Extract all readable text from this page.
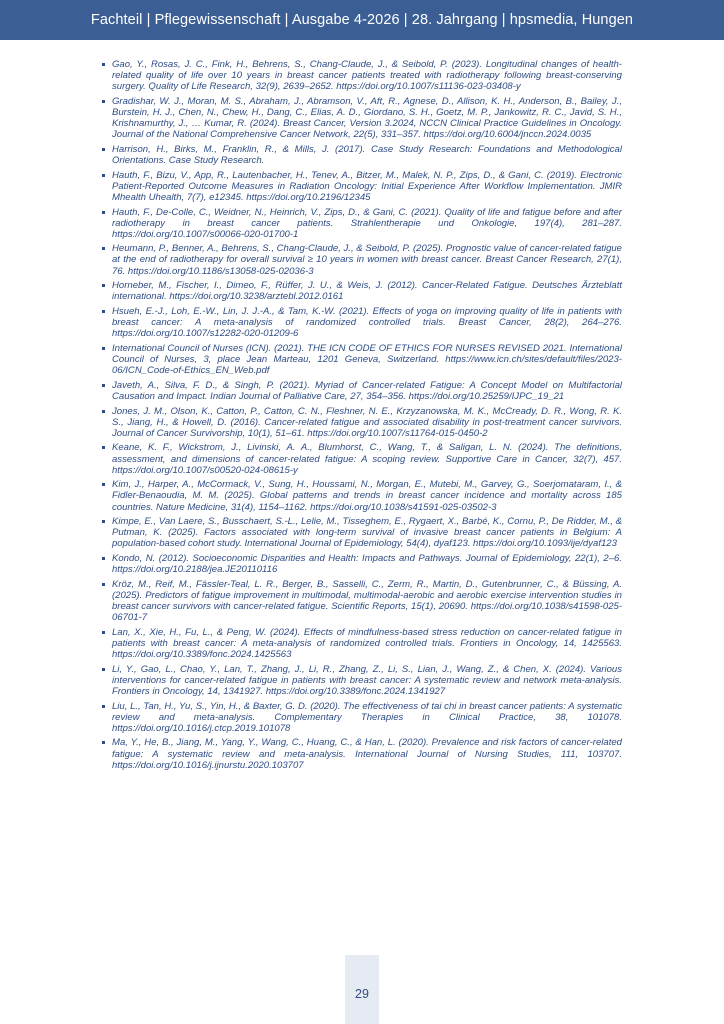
Fachteil | Pflegewissenschaft | Ausgabe 4-2026 | 28. Jahrgang | hpsmedia, Hungen
Gao, Y., Rosas, J. C., Fink, H., Behrens, S., Chang-Claude, J., & Seibold, P. (2023). Longitudinal changes of health-related quality of life over 10 years in breast cancer patients treated with radiotherapy following breast-conserving surgery. Quality of Life Research, 32(9), 2639–2652. https://doi.org/10.1007/s11136-023-03408-y
Gradishar, W. J., Moran, M. S., Abraham, J., Abramson, V., Aft, R., Agnese, D., Allison, K. H., Anderson, B., Bailey, J., Burstein, H. J., Chen, N., Chew, H., Dang, C., Elias, A. D., Giordano, S. H., Goetz, M. P., Jankowitz, R. C., Javid, S. H., Krishnamurthy, J., … Kumar, R. (2024). Breast Cancer, Version 3.2024, NCCN Clinical Practice Guidelines in Oncology. Journal of the National Comprehensive Cancer Network, 22(5), 331–357. https://doi.org/10.6004/jnccn.2024.0035
Harrison, H., Birks, M., Franklin, R., & Mills, J. (2017). Case Study Research: Foundations and Methodological Orientations. Case Study Research.
Hauth, F., Bizu, V., App, R., Lautenbacher, H., Tenev, A., Bitzer, M., Malek, N. P., Zips, D., & Gani, C. (2019). Electronic Patient-Reported Outcome Measures in Radiation Oncology: Initial Experience After Workflow Implementation. JMIR Mhealth Uhealth, 7(7), e12345. https://doi.org/10.2196/12345
Hauth, F., De-Colle, C., Weidner, N., Heinrich, V., Zips, D., & Gani, C. (2021). Quality of life and fatigue before and after radiotherapy in breast cancer patients. Strahlentherapie und Onkologie, 197(4), 281–287. https://doi.org/10.1007/s00066-020-01700-1
Heumann, P., Benner, A., Behrens, S., Chang-Claude, J., & Seibold, P. (2025). Prognostic value of cancer-related fatigue at the end of radiotherapy for overall survival ≥ 10 years in women with breast cancer. Breast Cancer Research, 27(1), 76. https://doi.org/10.1186/s13058-025-02036-3
Horneber, M., Fischer, I., Dimeo, F., Rüffer, J. U., & Weis, J. (2012). Cancer-Related Fatigue. Deutsches Ärzteblatt international. https://doi.org/10.3238/arztebl.2012.0161
Hsueh, E.-J., Loh, E.-W., Lin, J. J.-A., & Tam, K.-W. (2021). Effects of yoga on improving quality of life in patients with breast cancer: A meta-analysis of randomized controlled trials. Breast Cancer, 28(2), 264–276. https://doi.org/10.1007/s12282-020-01209-6
International Council of Nurses (ICN). (2021). THE ICN CODE OF ETHICS FOR NURSES REVISED 2021. International Council of Nurses, 3, place Jean Marteau, 1201 Geneva, Switzerland. https://www.icn.ch/sites/default/files/2023-06/ICN_Code-of-Ethics_EN_Web.pdf
Javeth, A., Silva, F. D., & Singh, P. (2021). Myriad of Cancer-related Fatigue: A Concept Model on Multifactorial Causation and Impact. Indian Journal of Palliative Care, 27, 354–356. https://doi.org/10.25259/IJPC_19_21
Jones, J. M., Olson, K., Catton, P., Catton, C. N., Fleshner, N. E., Krzyzanowska, M. K., McCready, D. R., Wong, R. K. S., Jiang, H., & Howell, D. (2016). Cancer-related fatigue and associated disability in post-treatment cancer survivors. Journal of Cancer Survivorship, 10(1), 51–61. https://doi.org/10.1007/s11764-015-0450-2
Keane, K. F., Wickstrom, J., Livinski, A. A., Blumhorst, C., Wang, T., & Saligan, L. N. (2024). The definitions, assessment, and dimensions of cancer-related fatigue: A scoping review. Supportive Care in Cancer, 32(7), 457. https://doi.org/10.1007/s00520-024-08615-y
Kim, J., Harper, A., McCormack, V., Sung, H., Houssami, N., Morgan, E., Mutebi, M., Garvey, G., Soerjomataram, I., & Fidler-Benaoudia, M. M. (2025). Global patterns and trends in breast cancer incidence and mortality across 185 countries. Nature Medicine, 31(4), 1154–1162. https://doi.org/10.1038/s41591-025-03502-3
Kimpe, E., Van Laere, S., Busschaert, S.-L., Lelie, M., Tisseghem, E., Rygaert, X., Barbé, K., Cornu, P., De Ridder, M., & Putman, K. (2025). Factors associated with long-term survival of invasive breast cancer patients in Belgium: A population-based cohort study. International Journal of Epidemiology, 54(4), dyaf123. https://doi.org/10.1093/ije/dyaf123
Kondo, N. (2012). Socioeconomic Disparities and Health: Impacts and Pathways. Journal of Epidemiology, 22(1), 2–6. https://doi.org/10.2188/jea.JE20110116
Kröz, M., Reif, M., Fässler-Teal, L. R., Berger, B., Sasselli, C., Zerm, R., Martin, D., Gutenbrunner, C., & Büssing, A. (2025). Predictors of fatigue improvement in multimodal, multimodal-aerobic and aerobic exercise intervention studies in breast cancer survivors with cancer-related fatigue. Scientific Reports, 15(1), 20690. https://doi.org/10.1038/s41598-025-06701-7
Lan, X., Xie, H., Fu, L., & Peng, W. (2024). Effects of mindfulness-based stress reduction on cancer-related fatigue in patients with breast cancer: A meta-analysis of randomized controlled trials. Frontiers in Oncology, 14, 1425563. https://doi.org/10.3389/fonc.2024.1425563
Li, Y., Gao, L., Chao, Y., Lan, T., Zhang, J., Li, R., Zhang, Z., Li, S., Lian, J., Wang, Z., & Chen, X. (2024). Various interventions for cancer-related fatigue in patients with breast cancer: A systematic review and network meta-analysis. Frontiers in Oncology, 14, 1341927. https://doi.org/10.3389/fonc.2024.1341927
Liu, L., Tan, H., Yu, S., Yin, H., & Baxter, G. D. (2020). The effectiveness of tai chi in breast cancer patients: A systematic review and meta-analysis. Complementary Therapies in Clinical Practice, 38, 101078. https://doi.org/10.1016/j.ctcp.2019.101078
Ma, Y., He, B., Jiang, M., Yang, Y., Wang, C., Huang, C., & Han, L. (2020). Prevalence and risk factors of cancer-related fatigue: A systematic review and meta-analysis. International Journal of Nursing Studies, 111, 103707. https://doi.org/10.1016/j.ijnurstu.2020.103707
29
